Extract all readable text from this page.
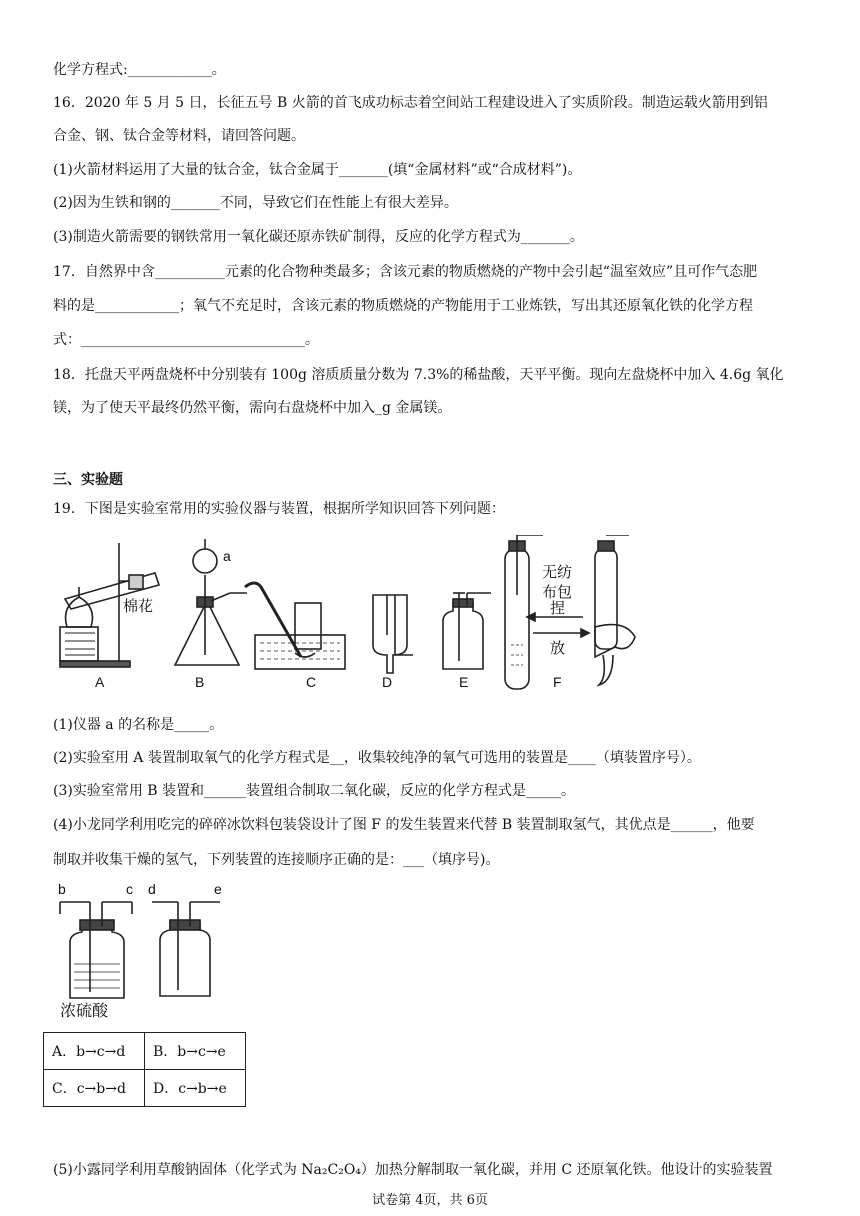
化学方程式:____________。
16．2020 年 5 月 5 日，长征五号 B 火箭的首飞成功标志着空间站工程建设进入了实质阶段。制造运载火箭用到铝
合金、钢、钛合金等材料，请回答问题。
(1)火箭材料运用了大量的钛合金，钛合金属于_______(填“金属材料”或“合成材料”)。
(2)因为生铁和钢的_______不同，导致它们在性能上有很大差异。
(3)制造火箭需要的钢铁常用一氧化碳还原赤铁矿制得，反应的化学方程式为_______。
17．自然界中含__________元素的化合物种类最多；含该元素的物质燃烧的产物中会引起“温室效应”且可作气态肥
料的是____________；氧气不充足时，含该元素的物质燃烧的产物能用于工业炼铁，写出其还原氧化铁的化学方程
式：________________________________。
18．托盘天平两盘烧杯中分别装有 100g 溶质质量分数为 7.3%的稀盐酸，天平平衡。现向左盘烧杯中加入 4.6g 氧化
镁，为了使天平最终仍然平衡，需向右盘烧杯中加入_g 金属镁。
三、实验题
19．下图是实验室常用的实验仪器与装置，根据所学知识回答下列问题：
棉花
a
无纺
布包
捏
放
A	B	C	D	E	F
(1)仪器 a 的名称是_____。
(2)实验室用 A 装置制取氧气的化学方程式是__，收集较纯净的氧气可选用的装置是____（填装置序号）。
(3)实验室常用 B 装置和______装置组合制取二氧化碳，反应的化学方程式是_____。
(4)小龙同学利用吃完的碎碎冰饮料包装袋设计了图 F 的发生装置来代替 B 装置制取氢气，其优点是______，他要
制取并收集干燥的氢气，下列装置的连接顺序正确的是：___（填序号)。
b	c d	e
浓硫酸
A．b→c→d	B．b→c→e
C．c→b→d	D．c→b→e
(5)小露同学利用草酸钠固体（化学式为 Na₂C₂O₄）加热分解制取一氧化碳，并用 C 还原氧化铁。他设计的实验装置
试卷第 4页，共 6页
